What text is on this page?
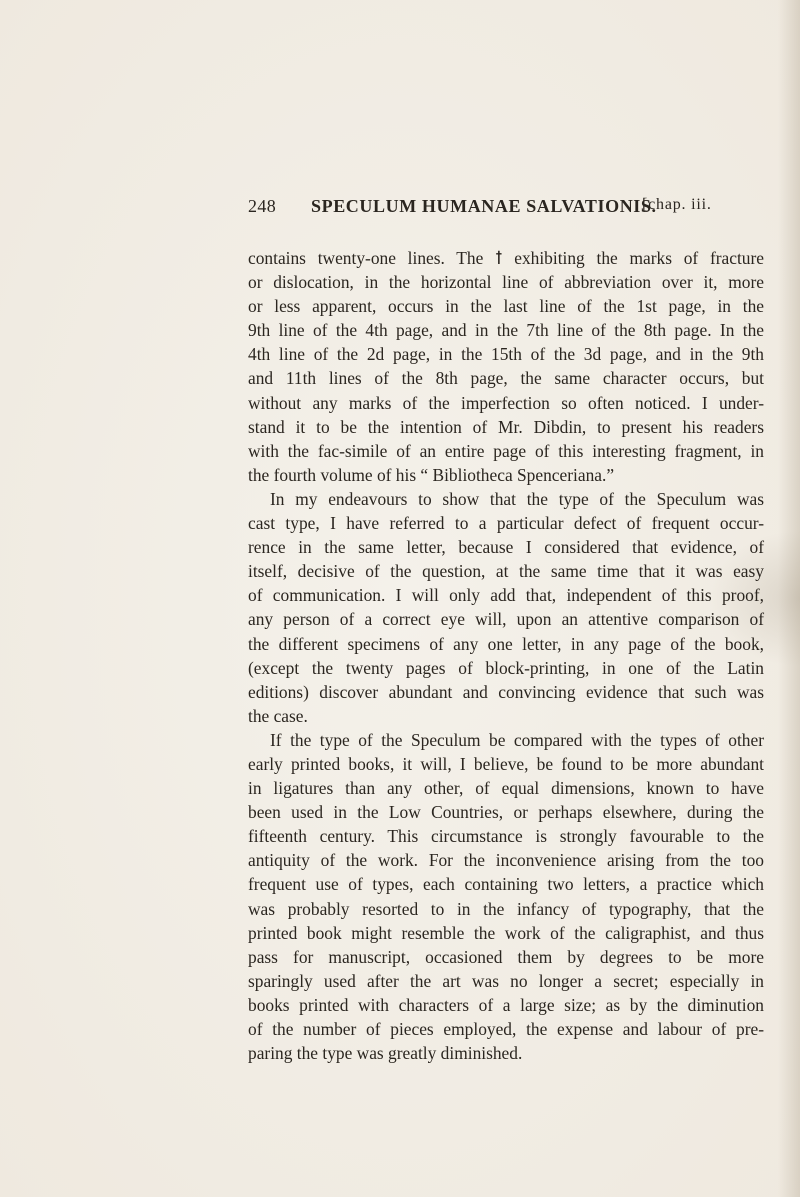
248 SPECULUM HUMANAE SALVATIONIS.
[chap. iii.
contains twenty-one lines. The ꝉ exhibiting the marks of fracture
or dislocation, in the horizontal line of abbreviation over it, more
or less apparent, occurs in the last line of the 1st page, in the
9th line of the 4th page, and in the 7th line of the 8th page. In the
4th line of the 2d page, in the 15th of the 3d page, and in the 9th
and 11th lines of the 8th page, the same character occurs, but
without any marks of the imperfection so often noticed. I under-
stand it to be the intention of Mr. Dibdin, to present his readers
with the fac-simile of an entire page of this interesting fragment, in
the fourth volume of his “ Bibliotheca Spenceriana.”
In my endeavours to show that the type of the Speculum was
cast type, I have referred to a particular defect of frequent occur-
rence in the same letter, because I considered that evidence, of
itself, decisive of the question, at the same time that it was easy
of communication. I will only add that, independent of this proof,
any person of a correct eye will, upon an attentive comparison of
the different specimens of any one letter, in any page of the book,
(except the twenty pages of block-printing, in one of the Latin
editions) discover abundant and convincing evidence that such was
the case.
If the type of the Speculum be compared with the types of other
early printed books, it will, I believe, be found to be more abundant
in ligatures than any other, of equal dimensions, known to have
been used in the Low Countries, or perhaps elsewhere, during the
fifteenth century. This circumstance is strongly favourable to the
antiquity of the work. For the inconvenience arising from the too
frequent use of types, each containing two letters, a practice which
was probably resorted to in the infancy of typography, that the
printed book might resemble the work of the caligraphist, and thus
pass for manuscript, occasioned them by degrees to be more
sparingly used after the art was no longer a secret; especially in
books printed with characters of a large size; as by the diminution
of the number of pieces employed, the expense and labour of pre-
paring the type was greatly diminished.
